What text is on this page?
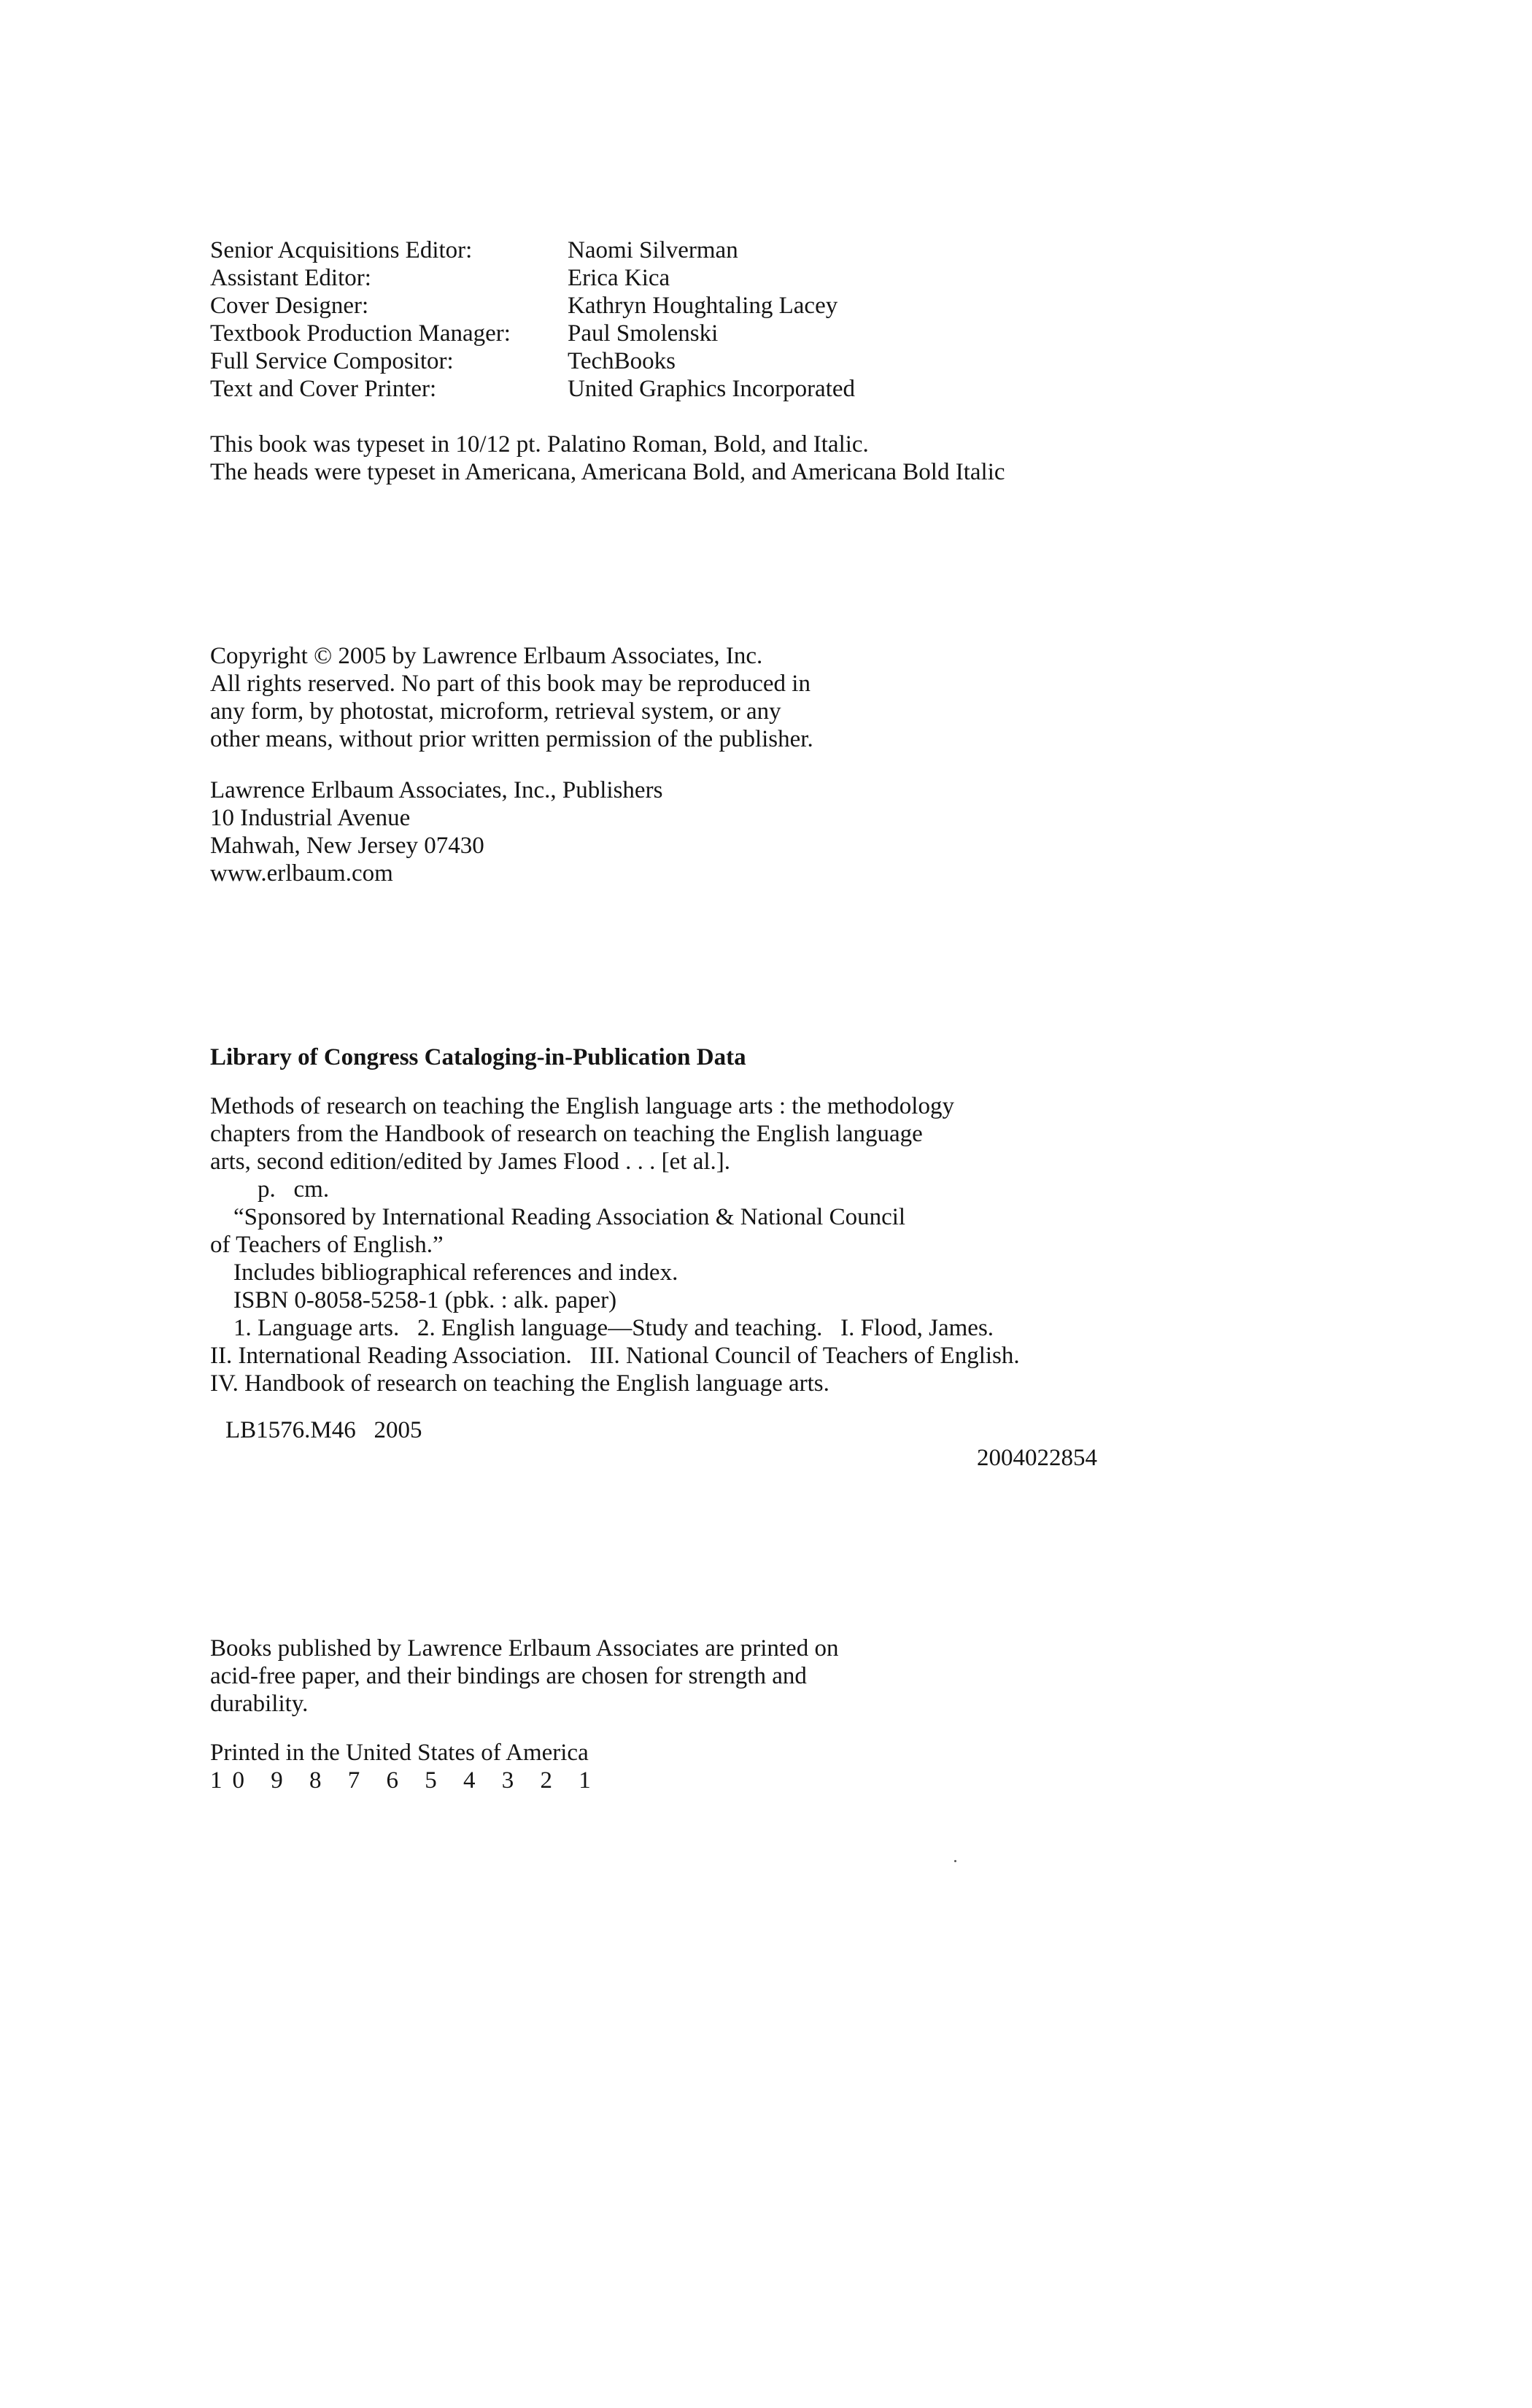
Senior Acquisitions Editor:	Naomi Silverman
Assistant Editor:	Erica Kica
Cover Designer:	Kathryn Houghtaling Lacey
Textbook Production Manager:	Paul Smolenski
Full Service Compositor:	TechBooks
Text and Cover Printer:	United Graphics Incorporated
This book was typeset in 10/12 pt. Palatino Roman, Bold, and Italic.
The heads were typeset in Americana, Americana Bold, and Americana Bold Italic
Copyright © 2005 by Lawrence Erlbaum Associates, Inc.
All rights reserved. No part of this book may be reproduced in
any form, by photostat, microform, retrieval system, or any
other means, without prior written permission of the publisher.
Lawrence Erlbaum Associates, Inc., Publishers
10 Industrial Avenue
Mahwah, New Jersey 07430
www.erlbaum.com
Library of Congress Cataloging-in-Publication Data
Methods of research on teaching the English language arts : the methodology
chapters from the Handbook of research on teaching the English language
arts, second edition/edited by James Flood . . . [et al.].
p.   cm.
“Sponsored by International Reading Association & National Council
of Teachers of English.”
Includes bibliographical references and index.
ISBN 0-8058-5258-1 (pbk. : alk. paper)
1. Language arts.   2. English language—Study and teaching.   I. Flood, James.
II. International Reading Association.   III. National Council of Teachers of English.
IV. Handbook of research on teaching the English language arts.
LB1576.M46   2005
2004022854
Books published by Lawrence Erlbaum Associates are printed on
acid-free paper, and their bindings are chosen for strength and
durability.
Printed in the United States of America
10 9 8 7 6 5 4 3 2 1
